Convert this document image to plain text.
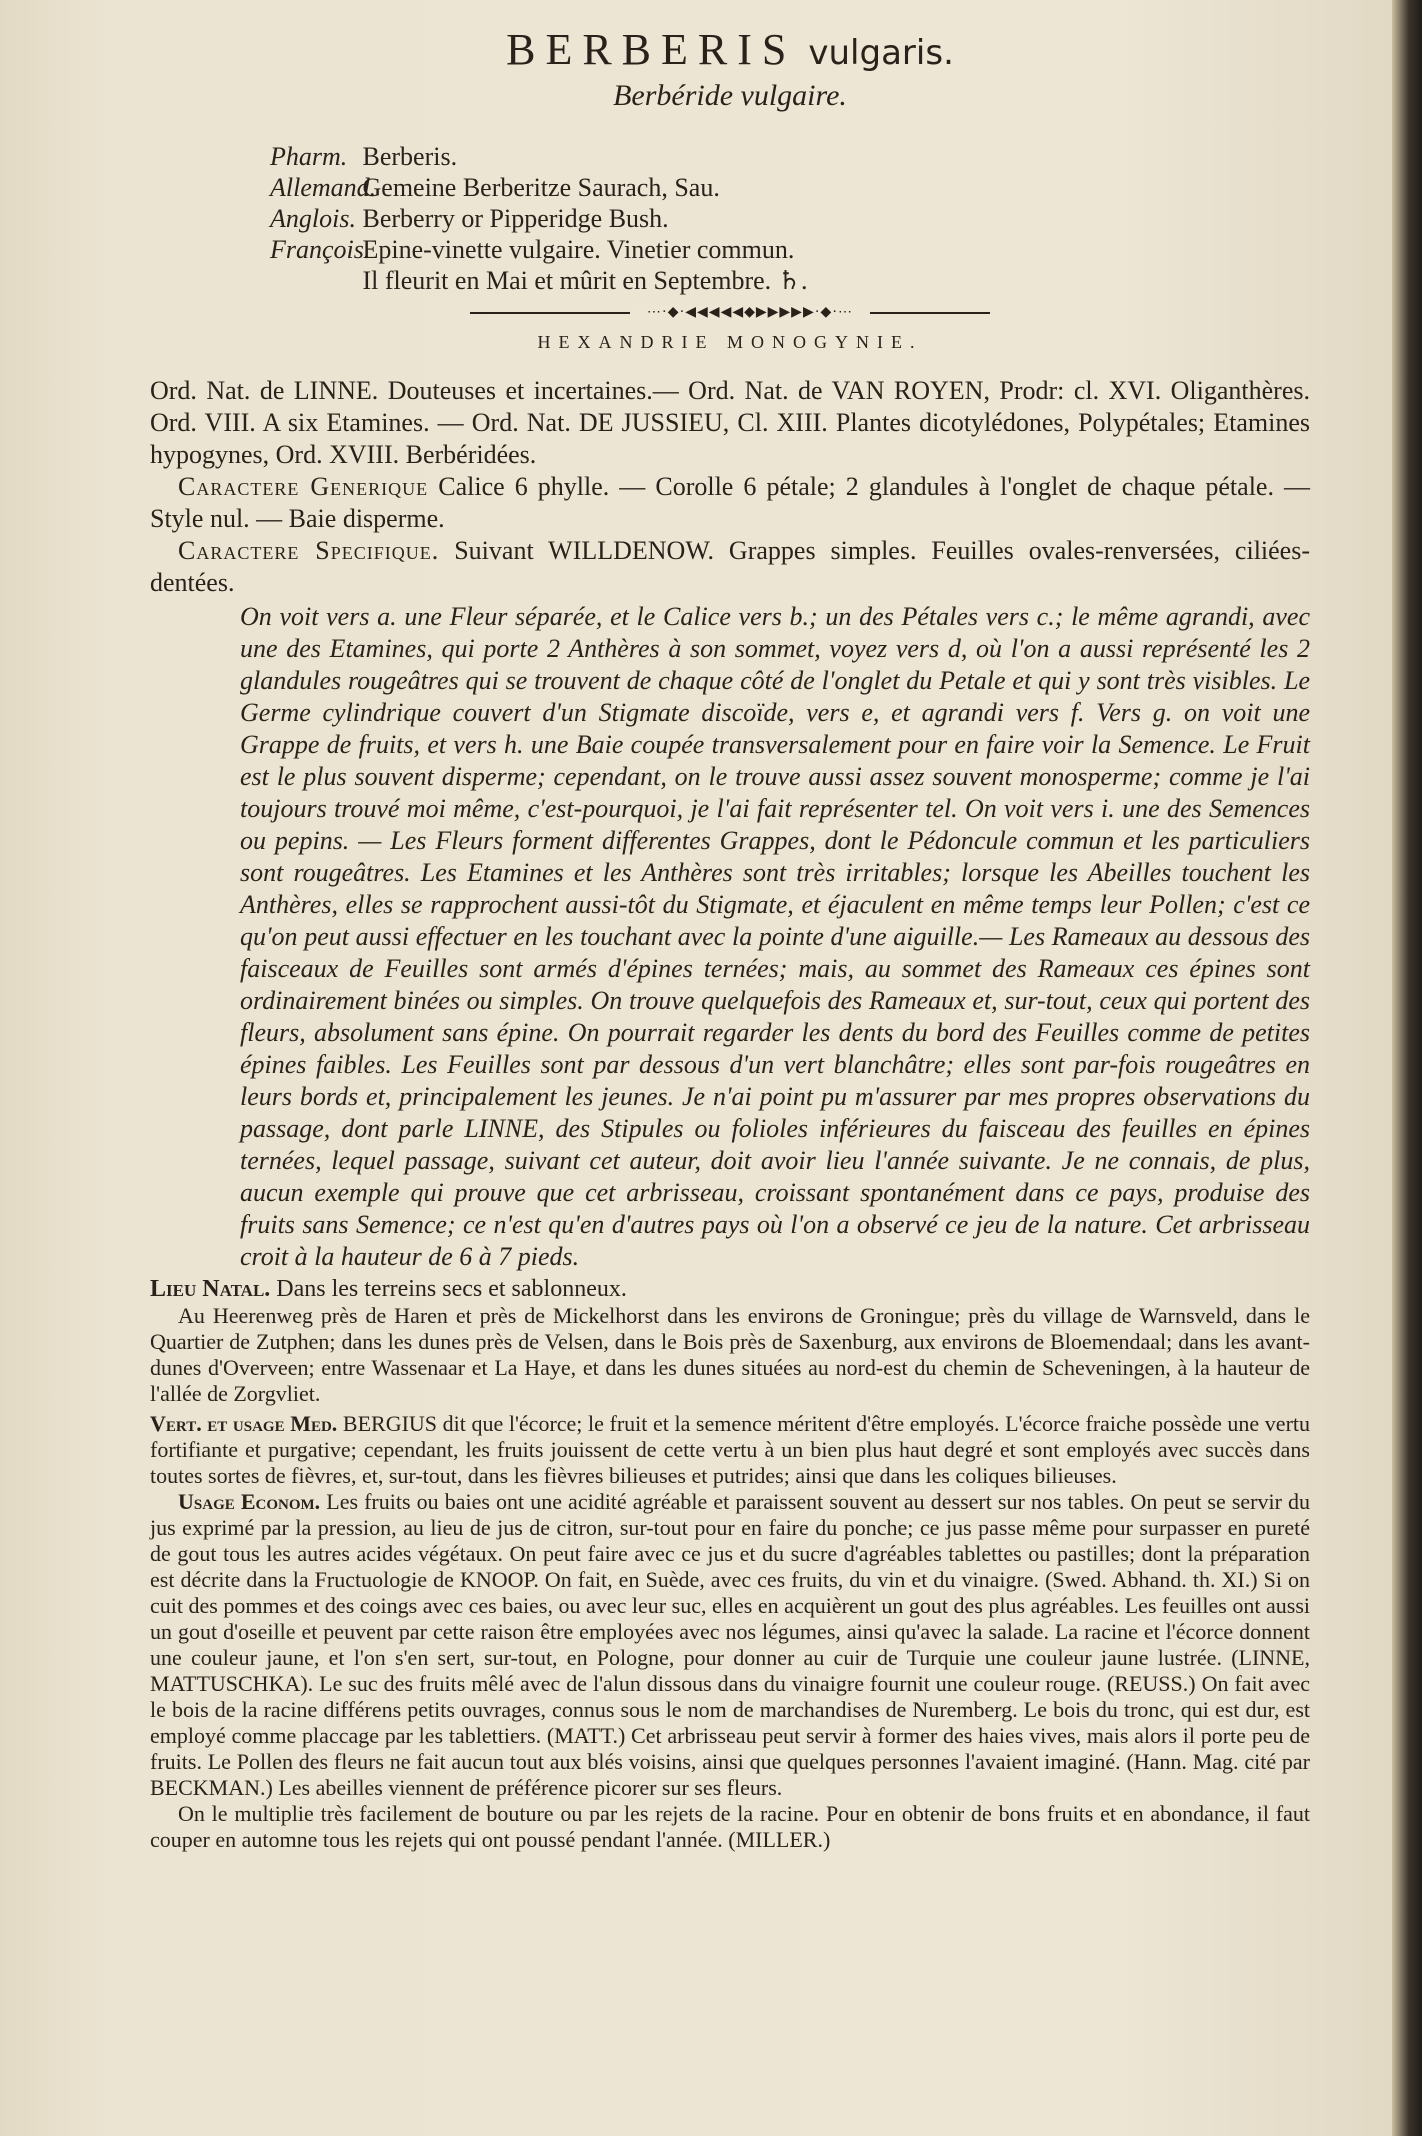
BERBERIS vulgaris.
Berbéride vulgaire.
Pharm. Berberis.
Allemand. Gemeine Berberitze Saurach, Sau.
Anglois. Berberry or Pipperidge Bush.
François. Epine-vinette vulgaire. Vinetier commun.
Il fleurit en Mai et mûrit en Septembre. ♄.
⋯⋅◆⋅◀◀◀◀◀◆▶▶▶▶▶⋅◆⋅⋯
HEXANDRIE MONOGYNIE.
Ord. Nat. de LINNE. Douteuses et incertaines.— Ord. Nat. de VAN ROYEN, Prodr: cl. XVI. Oliganthères. Ord. VIII. A six Etamines. — Ord. Nat. DE JUSSIEU, Cl. XIII. Plantes dicotylédones, Polypétales; Etamines hypogynes, Ord. XVIII. Berbéridées.
Caractere Generique Calice 6 phylle. — Corolle 6 pétale; 2 glandules à l'onglet de chaque pétale. — Style nul. — Baie disperme.
Caractere Specifique. Suivant WILLDENOW. Grappes simples. Feuilles ovales-renversées, ciliées-dentées.
On voit vers a. une Fleur séparée, et le Calice vers b.; un des Pétales vers c.; le même agrandi, avec une des Etamines, qui porte 2 Anthères à son sommet, voyez vers d, où l'on a aussi représenté les 2 glandules rougeâtres qui se trouvent de chaque côté de l'onglet du Petale et qui y sont très visibles. Le Germe cylindrique couvert d'un Stigmate discoïde, vers e, et agrandi vers f. Vers g. on voit une Grappe de fruits, et vers h. une Baie coupée transversalement pour en faire voir la Semence. Le Fruit est le plus souvent disperme; cependant, on le trouve aussi assez souvent monosperme; comme je l'ai toujours trouvé moi même, c'est-pourquoi, je l'ai fait représenter tel. On voit vers i. une des Semences ou pepins. — Les Fleurs forment differentes Grappes, dont le Pédoncule commun et les particuliers sont rougeâtres. Les Etamines et les Anthères sont très irritables; lorsque les Abeilles touchent les Anthères, elles se rapprochent aussi-tôt du Stigmate, et éjaculent en même temps leur Pollen; c'est ce qu'on peut aussi effectuer en les touchant avec la pointe d'une aiguille.— Les Rameaux au dessous des faisceaux de Feuilles sont armés d'épines ternées; mais, au sommet des Rameaux ces épines sont ordinairement binées ou simples. On trouve quelquefois des Rameaux et, sur-tout, ceux qui portent des fleurs, absolument sans épine. On pourrait regarder les dents du bord des Feuilles comme de petites épines faibles. Les Feuilles sont par dessous d'un vert blanchâtre; elles sont par-fois rougeâtres en leurs bords et, principalement les jeunes. Je n'ai point pu m'assurer par mes propres observations du passage, dont parle LINNE, des Stipules ou folioles inférieures du faisceau des feuilles en épines ternées, lequel passage, suivant cet auteur, doit avoir lieu l'année suivante. Je ne connais, de plus, aucun exemple qui prouve que cet arbrisseau, croissant spontanément dans ce pays, produise des fruits sans Semence; ce n'est qu'en d'autres pays où l'on a observé ce jeu de la nature. Cet arbrisseau croit à la hauteur de 6 à 7 pieds.
Lieu Natal. Dans les terreins secs et sablonneux.
Au Heerenweg près de Haren et près de Mickelhorst dans les environs de Groningue; près du village de Warnsveld, dans le Quartier de Zutphen; dans les dunes près de Velsen, dans le Bois près de Saxenburg, aux environs de Bloemendaal; dans les avant-dunes d'Overveen; entre Wassenaar et La Haye, et dans les dunes situées au nord-est du chemin de Scheveningen, à la hauteur de l'allée de Zorgvliet.
Vert. et usage Med. BERGIUS dit que l'écorce; le fruit et la semence méritent d'être employés. L'écorce fraiche possède une vertu fortifiante et purgative; cependant, les fruits jouissent de cette vertu à un bien plus haut degré et sont employés avec succès dans toutes sortes de fièvres, et, sur-tout, dans les fièvres bilieuses et putrides; ainsi que dans les coliques bilieuses.
Usage Econom. Les fruits ou baies ont une acidité agréable et paraissent souvent au dessert sur nos tables. On peut se servir du jus exprimé par la pression, au lieu de jus de citron, sur-tout pour en faire du ponche; ce jus passe même pour surpasser en pureté de gout tous les autres acides végétaux. On peut faire avec ce jus et du sucre d'agréables tablettes ou pastilles; dont la préparation est décrite dans la Fructuologie de KNOOP. On fait, en Suède, avec ces fruits, du vin et du vinaigre. (Swed. Abhand. th. XI.) Si on cuit des pommes et des coings avec ces baies, ou avec leur suc, elles en acquièrent un gout des plus agréables. Les feuilles ont aussi un gout d'oseille et peuvent par cette raison être employées avec nos légumes, ainsi qu'avec la salade. La racine et l'écorce donnent une couleur jaune, et l'on s'en sert, sur-tout, en Pologne, pour donner au cuir de Turquie une couleur jaune lustrée. (LINNE, MATTUSCHKA). Le suc des fruits mêlé avec de l'alun dissous dans du vinaigre fournit une couleur rouge. (REUSS.) On fait avec le bois de la racine différens petits ouvrages, connus sous le nom de marchandises de Nuremberg. Le bois du tronc, qui est dur, est employé comme placcage par les tablettiers. (MATT.) Cet arbrisseau peut servir à former des haies vives, mais alors il porte peu de fruits. Le Pollen des fleurs ne fait aucun tout aux blés voisins, ainsi que quelques personnes l'avaient imaginé. (Hann. Mag. cité par BECKMAN.) Les abeilles viennent de préférence picorer sur ses fleurs.
On le multiplie très facilement de bouture ou par les rejets de la racine. Pour en obtenir de bons fruits et en abondance, il faut couper en automne tous les rejets qui ont poussé pendant l'année. (MILLER.)
